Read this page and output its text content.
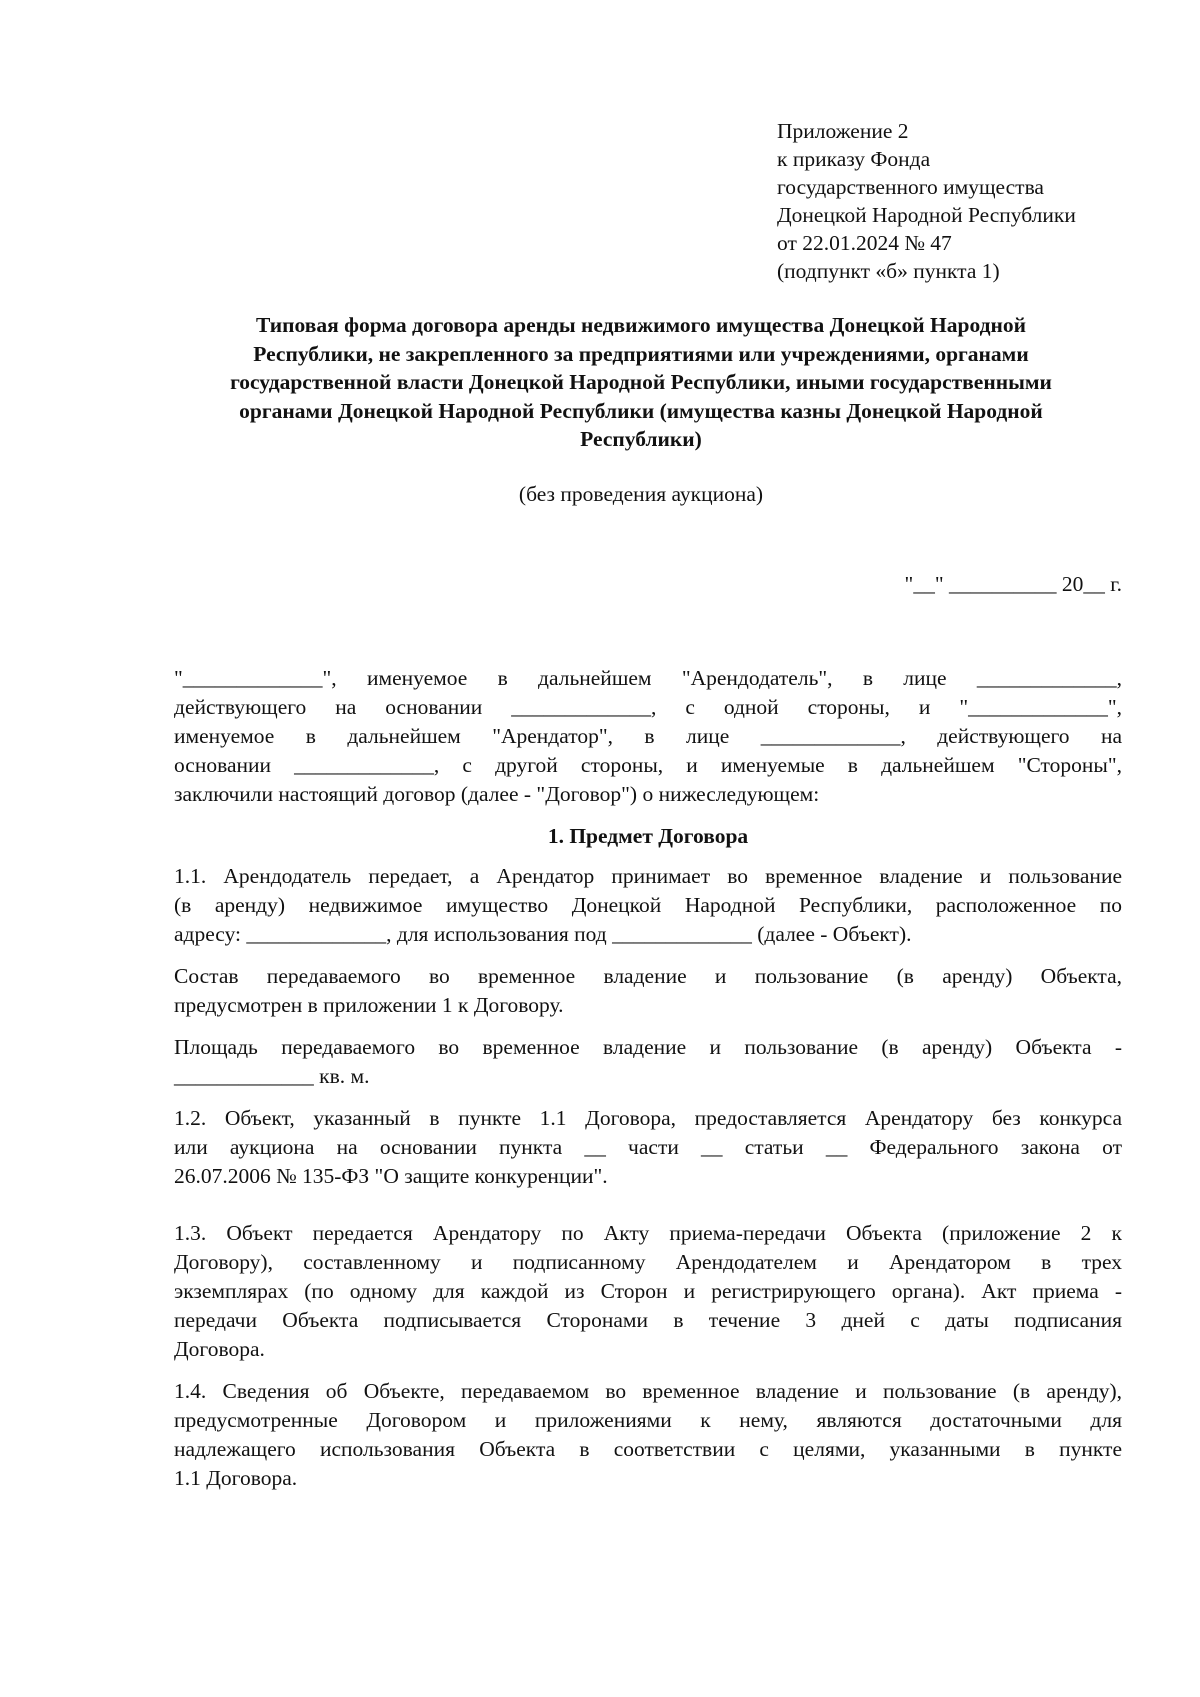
Приложение 2
к приказу Фонда
государственного имущества
Донецкой Народной Республики
от 22.01.2024 № 47
(подпункт «б» пункта 1)
Типовая форма договора аренды недвижимого имущества Донецкой Народной
Республики, не закрепленного за предприятиями или учреждениями, органами
государственной власти Донецкой Народной Республики, иными государственными
органами Донецкой Народной Республики (имущества казны Донецкой Народной
Республики)
(без проведения аукциона)
"__" __________ 20__ г.

"_____________", именуемое в дальнейшем "Арендодатель", в лице _____________,
действующего на основании _____________, с одной стороны, и "_____________",
именуемое в дальнейшем "Арендатор", в лице _____________, действующего на
основании _____________, с другой стороны, и именуемые в дальнейшем "Стороны",
заключили настоящий договор (далее - "Договор") о нижеследующем:

1. Предмет Договора

1.1. Арендодатель передает, а Арендатор принимает во временное владение и пользование
(в аренду) недвижимое имущество Донецкой Народной Республики, расположенное по
адресу: _____________, для использования под _____________ (далее - Объект).

Состав передаваемого во временное владение и пользование (в аренду) Объекта,
предусмотрен в приложении 1 к Договору.

Площадь передаваемого во временное владение и пользование (в аренду) Объекта -
_____________ кв. м.

1.2. Объект, указанный в пункте 1.1 Договора, предоставляется Арендатору без конкурса
или аукциона на основании пункта __ части __ статьи __ Федерального закона от
26.07.2006 № 135-ФЗ "О защите конкуренции".

1.3. Объект передается Арендатору по Акту приема-передачи Объекта (приложение 2 к
Договору), составленному и подписанному Арендодателем и Арендатором в трех
экземплярах (по одному для каждой из Сторон и регистрирующего органа). Акт приема -
передачи Объекта подписывается Сторонами в течение 3 дней с даты подписания
Договора.

1.4. Сведения об Объекте, передаваемом во временное владение и пользование (в аренду),
предусмотренные Договором и приложениями к нему, являются достаточными для
надлежащего использования Объекта в соответствии с целями, указанными в пункте
1.1 Договора.
